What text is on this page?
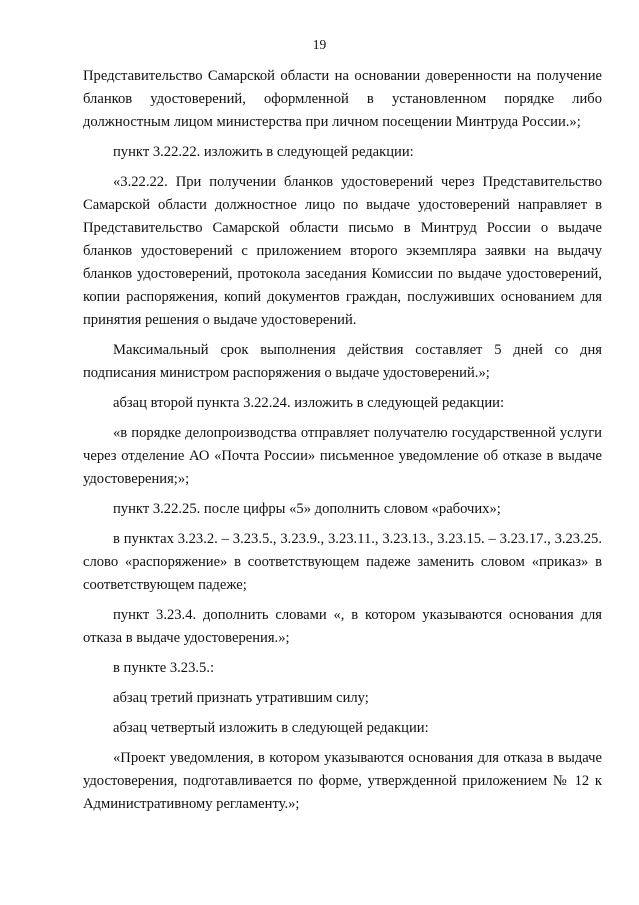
19

Представительство Самарской области на основании доверенности на получение бланков удостоверений, оформленной в установленном порядке либо должностным лицом министерства при личном посещении Минтруда России.»;

пункт 3.22.22. изложить в следующей редакции:

«3.22.22. При получении бланков удостоверений через Представительство Самарской области должностное лицо по выдаче удостоверений направляет в Представительство Самарской области письмо в Минтруд России о выдаче бланков удостоверений с приложением второго экземпляра заявки на выдачу бланков удостоверений, протокола заседания Комиссии по выдаче удостоверений, копии распоряжения, копий документов граждан, послуживших основанием для принятия решения о выдаче удостоверений.

Максимальный срок выполнения действия составляет 5 дней со дня подписания министром распоряжения о выдаче удостоверений.»;

абзац второй пункта 3.22.24. изложить в следующей редакции:

«в порядке делопроизводства отправляет получателю государственной услуги через отделение АО «Почта России» письменное уведомление об отказе в выдаче удостоверения;»;

пункт 3.22.25. после цифры «5» дополнить словом «рабочих»;

в пунктах 3.23.2. – 3.23.5., 3.23.9., 3.23.11., 3.23.13., 3.23.15. – 3.23.17., 3.23.25. слово «распоряжение» в соответствующем падеже заменить словом «приказ» в соответствующем падеже;

пункт 3.23.4. дополнить словами «, в котором указываются основания для отказа в выдаче удостоверения.»;

в пункте 3.23.5.:

абзац третий признать утратившим силу;

абзац четвертый изложить в следующей редакции:

«Проект уведомления, в котором указываются основания для отказа в выдаче удостоверения, подготавливается по форме, утвержденной приложением № 12 к Административному регламенту.»;
